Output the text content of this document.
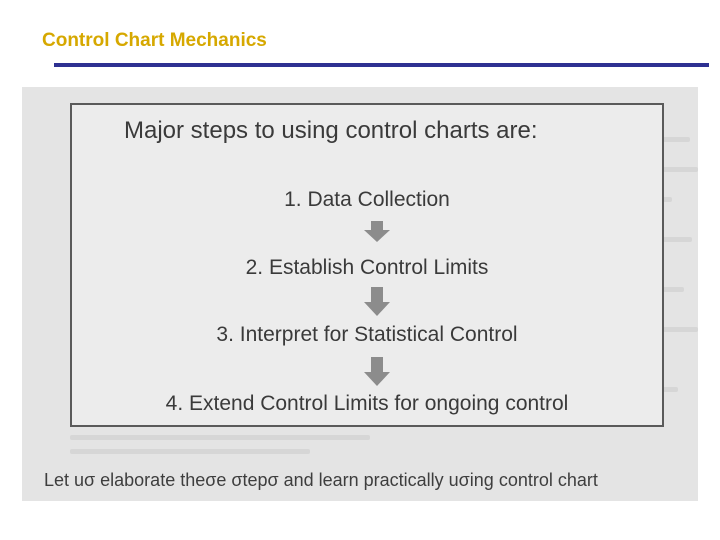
Control Chart Mechanics
Major steps to using control charts are:
1. Data Collection
2. Establish Control Limits
3. Interpret for Statistical Control
4. Extend Control Limits for ongoing control
Let uσ elaborate theσe σtepσ and learn practically uσing control chart
